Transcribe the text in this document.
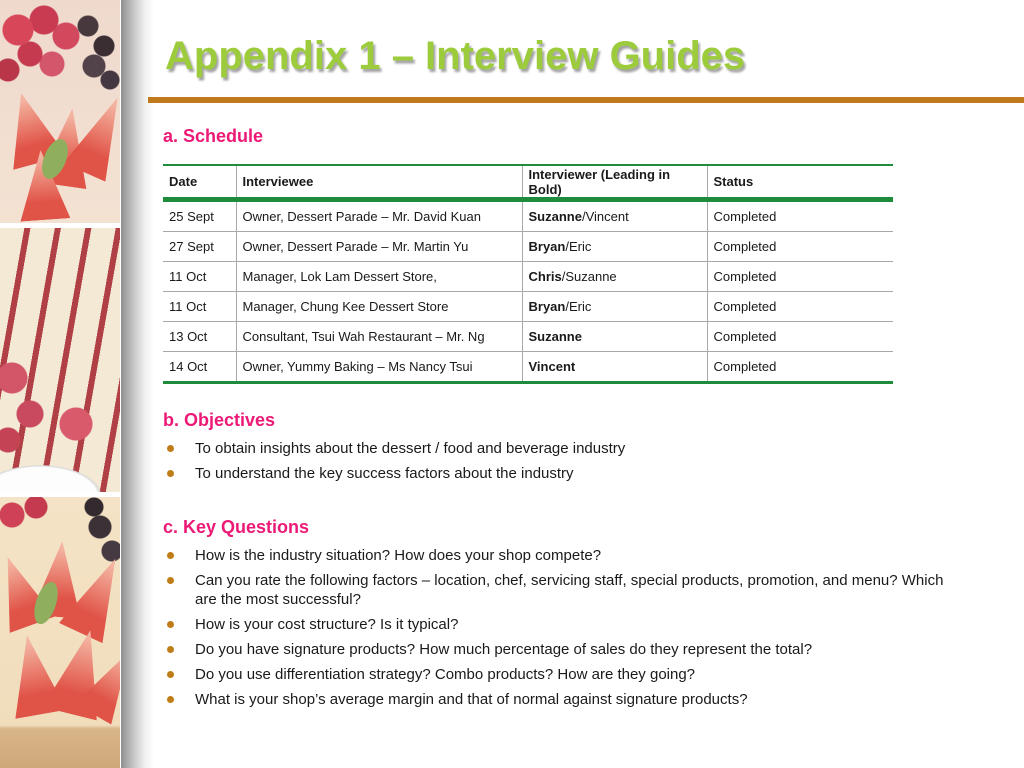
Appendix 1 – Interview Guides
a. Schedule
Date	Interviewee	Interviewer (Leading in Bold)	Status
25 Sept	Owner, Dessert Parade – Mr. David Kuan	Suzanne/Vincent	Completed
27 Sept	Owner, Dessert Parade – Mr. Martin Yu	Bryan/Eric	Completed
11 Oct	Manager, Lok Lam Dessert Store,	Chris/Suzanne	Completed
11 Oct	Manager, Chung Kee Dessert Store	Bryan/Eric	Completed
13 Oct	Consultant, Tsui Wah Restaurant – Mr. Ng	Suzanne	Completed
14 Oct	Owner, Yummy Baking – Ms Nancy Tsui	Vincent	Completed
b. Objectives
To obtain insights about the dessert / food and beverage industry
To understand the key success factors about the industry
c. Key Questions
How is the industry situation? How does your shop compete?
Can you rate the following factors – location, chef, servicing staff, special products, promotion, and menu? Which are the most successful?
How is your cost structure? Is it typical?
Do you have signature products? How much percentage of sales do they represent the total?
Do you use differentiation strategy? Combo products? How are they going?
What is your shop’s average margin and that of normal against signature products?
